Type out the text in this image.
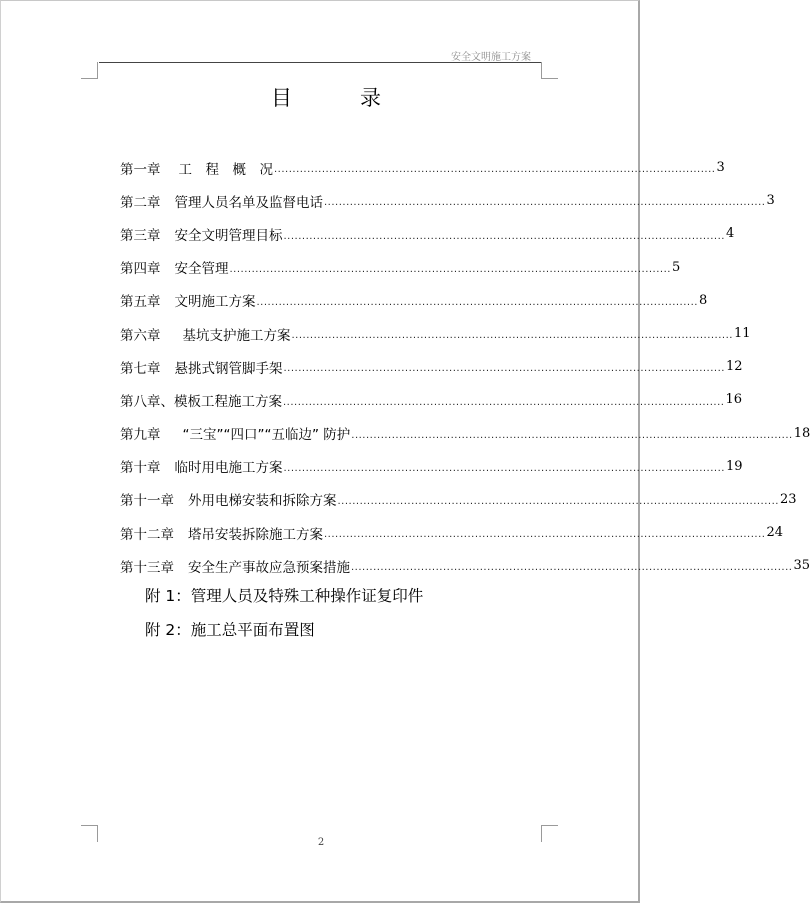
安全文明施工方案
目	录
第一章 工　程　概　况 ........................................................................................................................ 3
第二章 管理人员名单及监督电话 ........................................................................................................................ 3
第三章 安全文明管理目标 ........................................................................................................................ 4
第四章 安全管理 ........................................................................................................................ 5
第五章 文明施工方案 ........................................................................................................................ 8
第六章 基坑支护施工方案 ........................................................................................................................ 11
第七章 悬挑式钢管脚手架 ........................................................................................................................ 12
第八章、 模板工程施工方案 ........................................................................................................................ 16
第九章 “三宝”“四口”“五临边” 防护 ........................................................................................................................ 18
第十章 临时用电施工方案 ........................................................................................................................ 19
第十一章 外用电梯安装和拆除方案 ........................................................................................................................ 23
第十二章 塔吊安装拆除施工方案 ........................................................................................................................ 24
第十三章 安全生产事故应急预案措施 ........................................................................................................................ 35
附 1：管理人员及特殊工种操作证复印件
附 2：施工总平面布置图
2
